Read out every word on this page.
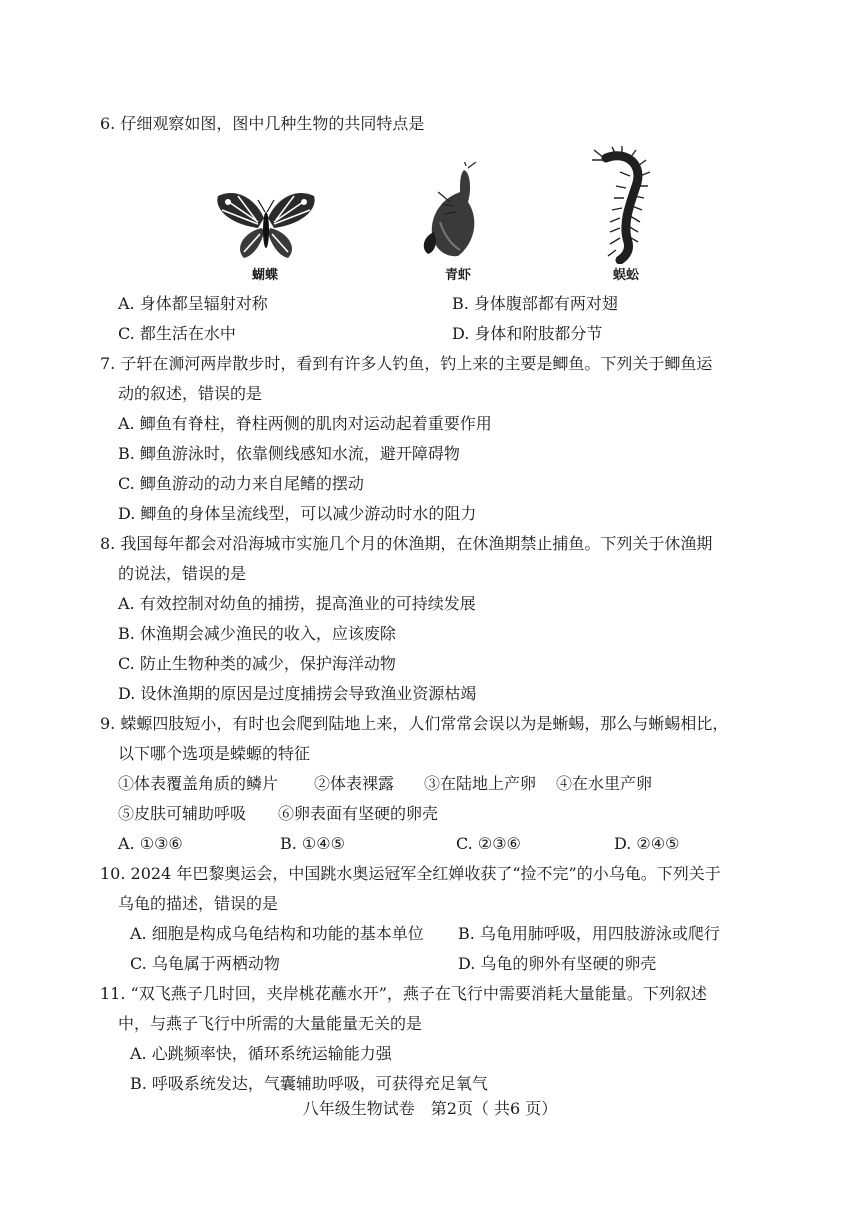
6. 仔细观察如图，图中几种生物的共同特点是
蝴蝶	青虾	蜈蚣
A. 身体都呈辐射对称	B. 身体腹部都有两对翅
C. 都生活在水中	D. 身体和附肢都分节
7. 子轩在浉河两岸散步时，看到有许多人钓鱼，钓上来的主要是鲫鱼。下列关于鲫鱼运
动的叙述，错误的是
A. 鲫鱼有脊柱，脊柱两侧的肌肉对运动起着重要作用
B. 鲫鱼游泳时，依靠侧线感知水流，避开障碍物
C. 鲫鱼游动的动力来自尾鳍的摆动
D. 鲫鱼的身体呈流线型，可以减少游动时水的阻力
8. 我国每年都会对沿海城市实施几个月的休渔期，在休渔期禁止捕鱼。下列关于休渔期
的说法，错误的是
A. 有效控制对幼鱼的捕捞，提高渔业的可持续发展
B. 休渔期会减少渔民的收入，应该废除
C. 防止生物种类的减少，保护海洋动物
D. 设休渔期的原因是过度捕捞会导致渔业资源枯竭
9. 蝾螈四肢短小，有时也会爬到陆地上来，人们常常会误以为是蜥蜴，那么与蜥蜴相比，
以下哪个选项是蝾螈的特征
①体表覆盖角质的鳞片 ②体表裸露 ③在陆地上产卵 ④在水里产卵
⑤皮肤可辅助呼吸 ⑥卵表面有坚硬的卵壳
A. ①③⑥	B. ①④⑤	C. ②③⑥	D. ②④⑤
10. 2024 年巴黎奥运会，中国跳水奥运冠军全红婵收获了“捡不完”的小乌龟。下列关于
乌龟的描述，错误的是
A. 细胞是构成乌龟结构和功能的基本单位 B. 乌龟用肺呼吸，用四肢游泳或爬行
C. 乌龟属于两栖动物	D. 乌龟的卵外有坚硬的卵壳
11. “双飞燕子几时回，夹岸桃花蘸水开”，燕子在飞行中需要消耗大量能量。下列叙述
中，与燕子飞行中所需的大量能量无关的是
A. 心跳频率快，循环系统运输能力强
B. 呼吸系统发达，气囊辅助呼吸，可获得充足氧气
八年级生物试卷　第2页（ 共6 页）
